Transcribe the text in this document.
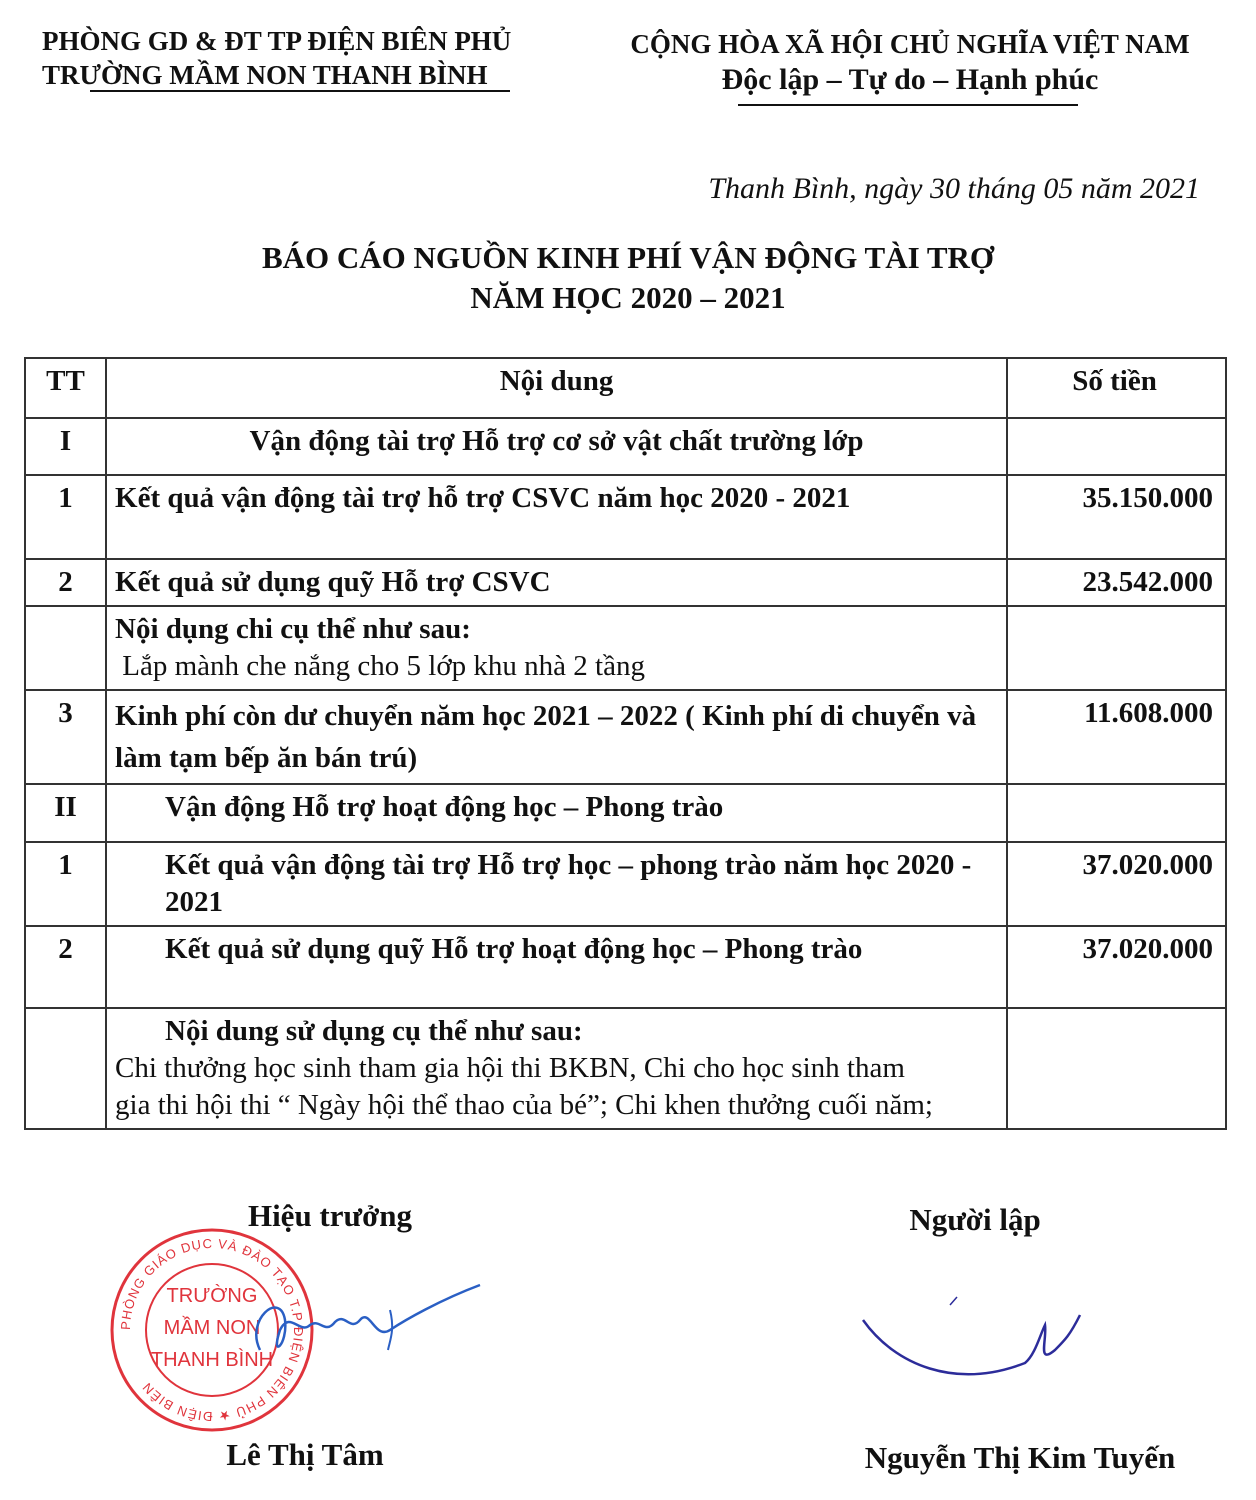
PHÒNG GD & ĐT TP ĐIỆN BIÊN PHỦ
TRƯỜNG MẦM NON THANH BÌNH
CỘNG HÒA XÃ HỘI CHỦ NGHĨA VIỆT NAM
Độc lập – Tự do – Hạnh phúc
Thanh Bình, ngày 30 tháng 05 năm 2021
BÁO CÁO NGUỒN KINH PHÍ VẬN ĐỘNG TÀI TRỢ
NĂM HỌC 2020 – 2021
TT	Nội dung	Số tiền
I	Vận động tài trợ Hỗ trợ cơ sở vật chất trường lớp	
1	Kết quả vận động tài trợ hỗ trợ CSVC năm học 2020 - 2021	35.150.000
2	Kết quả sử dụng quỹ Hỗ trợ CSVC	23.542.000

	Nội dụng chi cụ thể như sau:
Lắp mành che nắng cho 5 lớp khu nhà 2 tầng	

3	Kinh phí còn dư chuyển năm học 2021 – 2022 ( Kinh phí di chuyển và làm tạm bếp ăn bán trú)	11.608.000
II	Vận động Hỗ trợ hoạt động học – Phong trào	
1	Kết quả vận động tài trợ Hỗ trợ học – phong trào năm học 2020 - 2021	37.020.000
2	Kết quả sử dụng quỹ Hỗ trợ hoạt động học – Phong trào	37.020.000

	Nội dung sử dụng cụ thể như sau:
Chi thưởng học sinh tham gia hội thi BKBN, Chi cho học sinh tham gia thi hội thi “ Ngày hội thể thao của bé”; Chi khen thưởng cuối năm;	

Hiệu trưởng
PHÒNG GIÁO DỤC VÀ ĐÀO TẠO T.P ĐIỆN BIÊN PHỦ ★ ĐIỆN BIÊN
TRƯỜNG
MẦM NON
THANH BÌNH
Lê Thị Tâm
Người lập
Nguyễn Thị Kim Tuyến
